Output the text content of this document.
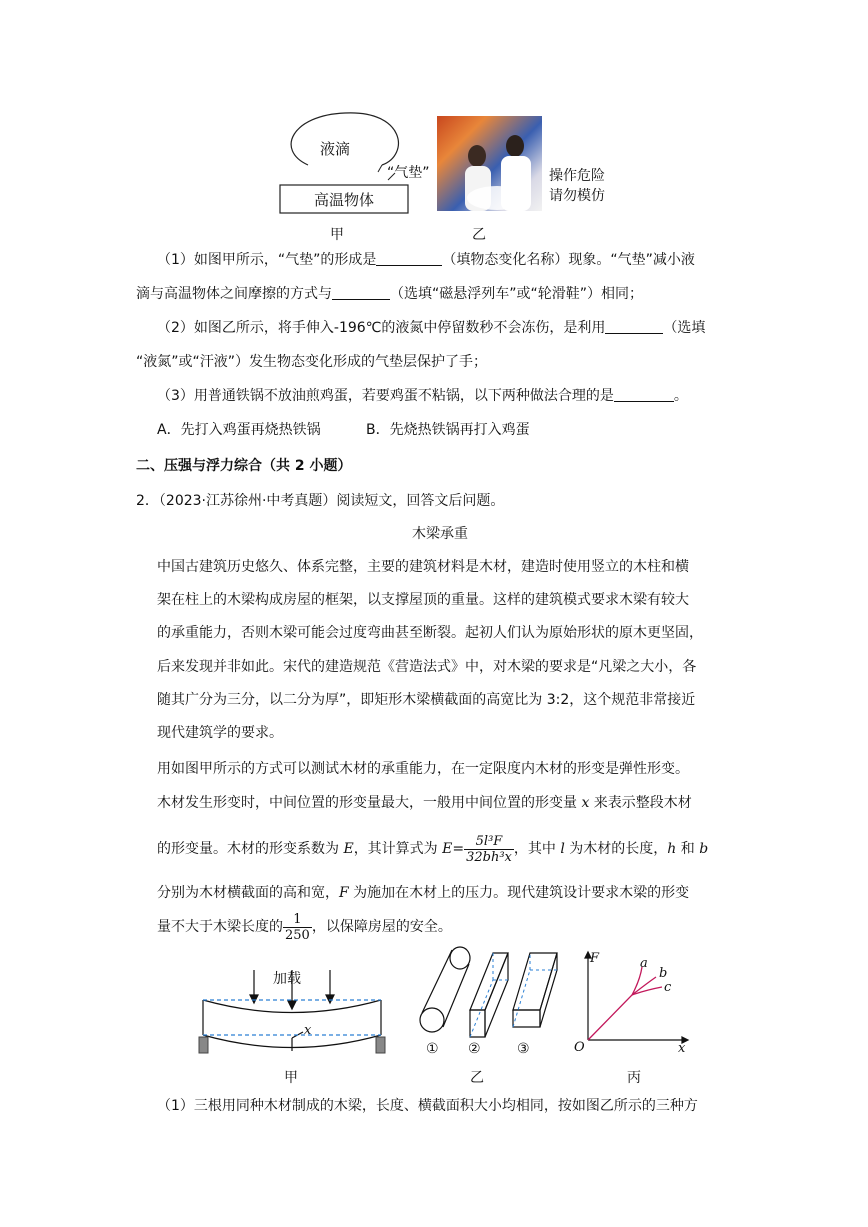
液滴
“气垫”
高温物体
甲	乙
操作危险
请勿模仿
（1）如图甲所示，“气垫”的形成是	（填物态变化名称）现象。“气垫”减小液
滴与高温物体之间摩擦的方式与	（选填“磁悬浮列车”或“轮滑鞋”）相同；
（2）如图乙所示，将手伸入-196℃的液氮中停留数秒不会冻伤，是利用	（选填
“液氮”或“汗液”）发生物态变化形成的气垫层保护了手；
（3）用普通铁锅不放油煎鸡蛋，若要鸡蛋不粘锅，以下两种做法合理的是	。
A．先打入鸡蛋再烧热铁锅	B．先烧热铁锅再打入鸡蛋
二、压强与浮力综合（共 2 小题）
2．（2023·江苏徐州·中考真题）阅读短文，回答文后问题。
木梁承重
中国古建筑历史悠久、体系完整，主要的建筑材料是木材，建造时使用竖立的木柱和横
架在柱上的木梁构成房屋的框架，以支撑屋顶的重量。这样的建筑模式要求木梁有较大
的承重能力，否则木梁可能会过度弯曲甚至断裂。起初人们认为原始形状的原木更坚固，
后来发现并非如此。宋代的建造规范《营造法式》中，对木梁的要求是“凡梁之大小，各
随其广分为三分，以二分为厚”，即矩形木梁横截面的高宽比为 3:2，这个规范非常接近
现代建筑学的要求。
用如图甲所示的方式可以测试木材的承重能力，在一定限度内木材的形变是弹性形变。
木材发生形变时，中间位置的形变量最大，一般用中间位置的形变量 x 来表示整段木材
的形变量。木材的形变系数为 E，其计算式为 $E= \frac{\text{5l³F}}{\text{32bh³x}}$ ，其中 l 为木材的长度，h 和 b
分别为木材横截面的高和宽，F 为施加在木材上的压力。现代建筑设计要求木梁的形变
量不大于木梁长度的 $\frac{1}{250}$ ，以保障房屋的安全。
加载
x
甲
① ②	③
乙
F
x
O
a
b
c
丙
（1）三根用同种木材制成的木梁，长度、横截面积大小均相同，按如图乙所示的三种方
